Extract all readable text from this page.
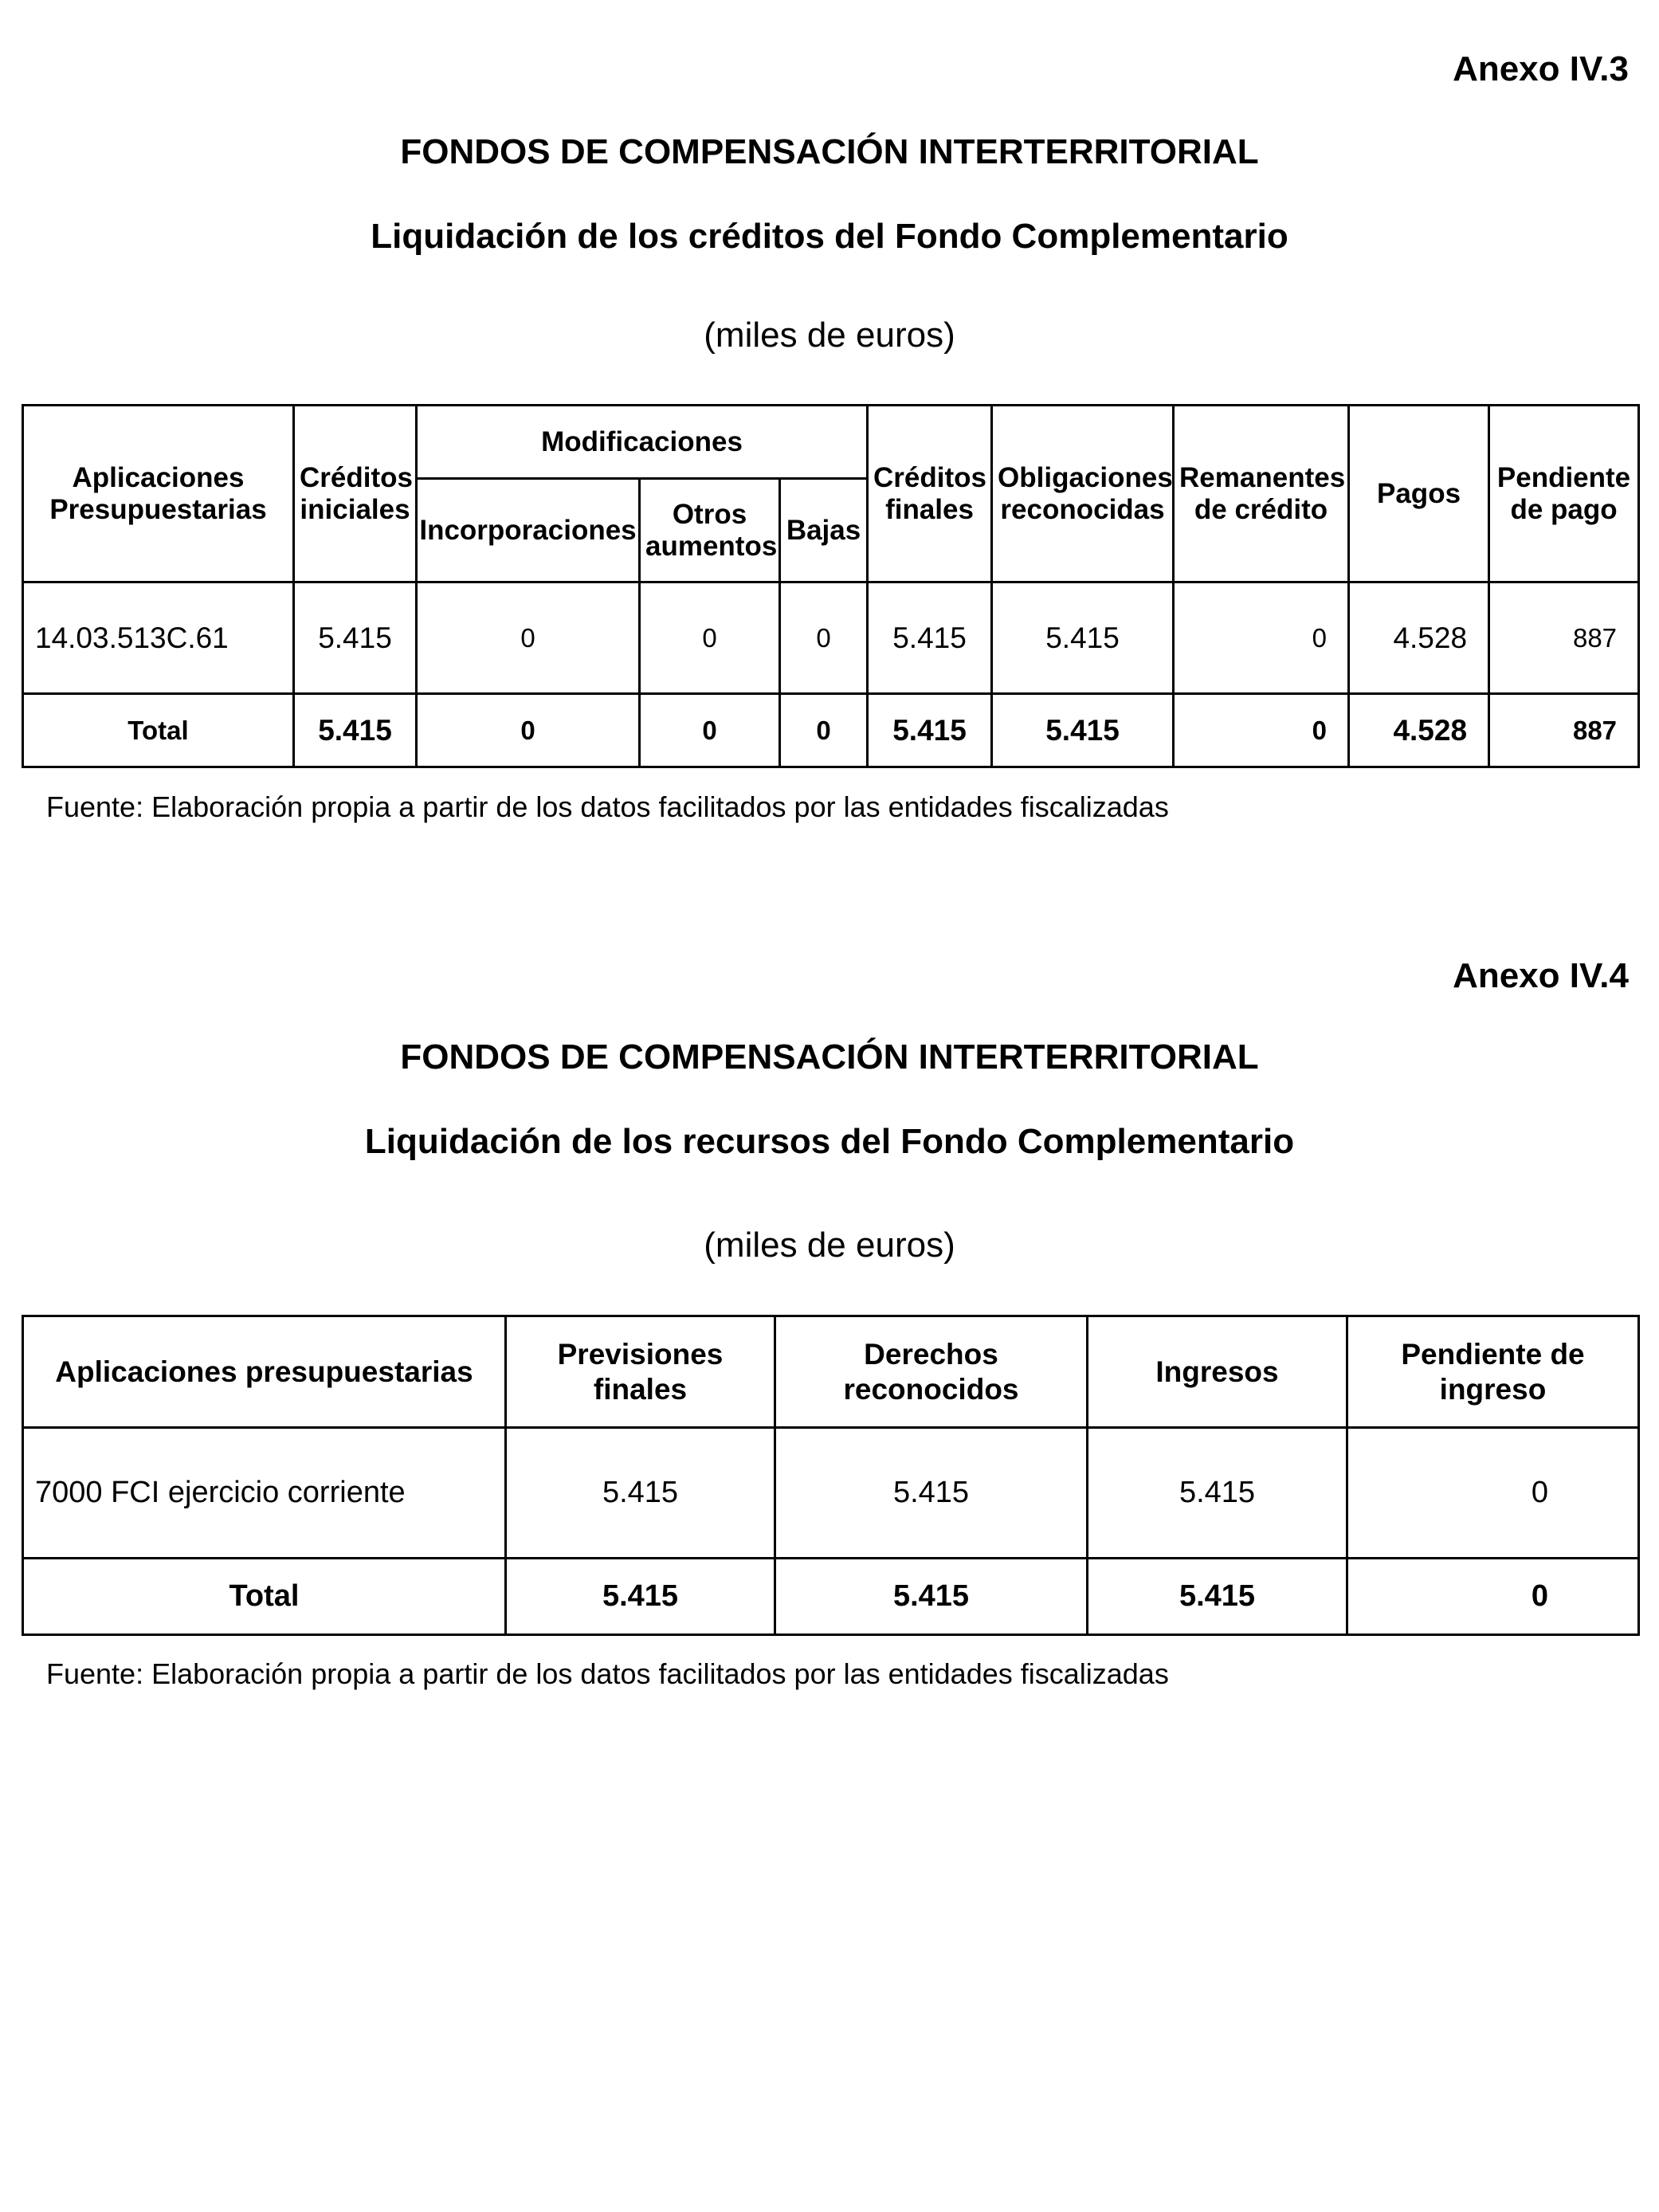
Anexo IV.3
FONDOS DE COMPENSACIÓN INTERTERRITORIAL
Liquidación de los créditos del Fondo Complementario
(miles de euros)
Aplicaciones Presupuestarias	Créditos iniciales	Modificaciones			Créditos finales	Obligaciones reconocidas	Remanentes de crédito	Pagos	Pendiente de pago
		Incorporaciones	Otros aumentos	Bajas					
14.03.513C.61	5.415	0	0	0	5.415	5.415	0	4.528	887
Total	5.415	0	0	0	5.415	5.415	0	4.528	887
Fuente: Elaboración propia a partir de los datos facilitados por las entidades fiscalizadas
Anexo IV.4
FONDOS DE COMPENSACIÓN INTERTERRITORIAL
Liquidación de los recursos del Fondo Complementario
(miles de euros)
Aplicaciones presupuestarias	Previsiones finales	Derechos reconocidos	Ingresos	Pendiente de ingreso
7000 FCI ejercicio corriente	5.415	5.415	5.415	0
Total	5.415	5.415	5.415	0
Fuente: Elaboración propia a partir de los datos facilitados por las entidades fiscalizadas
